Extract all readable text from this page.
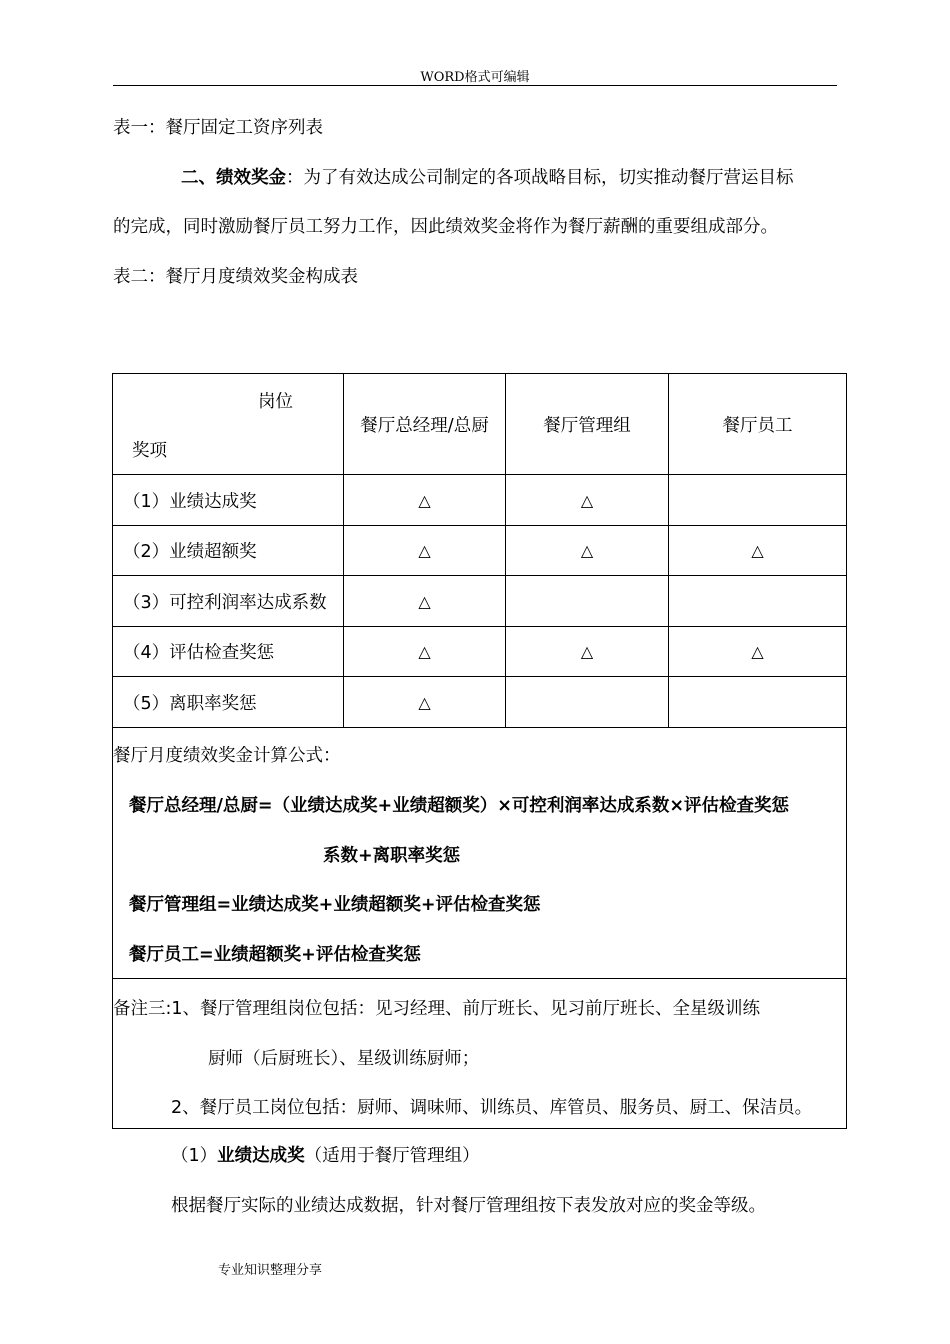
WORD格式可编辑
表一：餐厅固定工资序列表
二、绩效奖金：为了有效达成公司制定的各项战略目标，切实推动餐厅营运目标
的完成，同时激励餐厅员工努力工作，因此绩效奖金将作为餐厅薪酬的重要组成部分。
表二：餐厅月度绩效奖金构成表
岗位
奖项	餐厅总经理/总厨	餐厅管理组	餐厅员工
（1）业绩达成奖	△	△	
（2）业绩超额奖	△	△	△
（3）可控利润率达成系数	△		
（4）评估检查奖惩	△	△	△
（5）离职率奖惩	△		

餐厅月度绩效奖金计算公式：
餐厅总经理/总厨=（业绩达成奖+业绩超额奖）×可控利润率达成系数×评估检查奖惩
系数+离职率奖惩
餐厅管理组=业绩达成奖+业绩超额奖+评估检查奖惩
餐厅员工=业绩超额奖+评估检查奖惩			

备注三:1、餐厅管理组岗位包括：见习经理、前厅班长、见习前厅班长、全星级训练
厨师（后厨班长）、星级训练厨师；
2、餐厅员工岗位包括：厨师、调味师、训练员、库管员、服务员、厨工、保洁员。			
（1）业绩达成奖（适用于餐厅管理组）
根据餐厅实际的业绩达成数据，针对餐厅管理组按下表发放对应的奖金等级。
专业知识整理分享
